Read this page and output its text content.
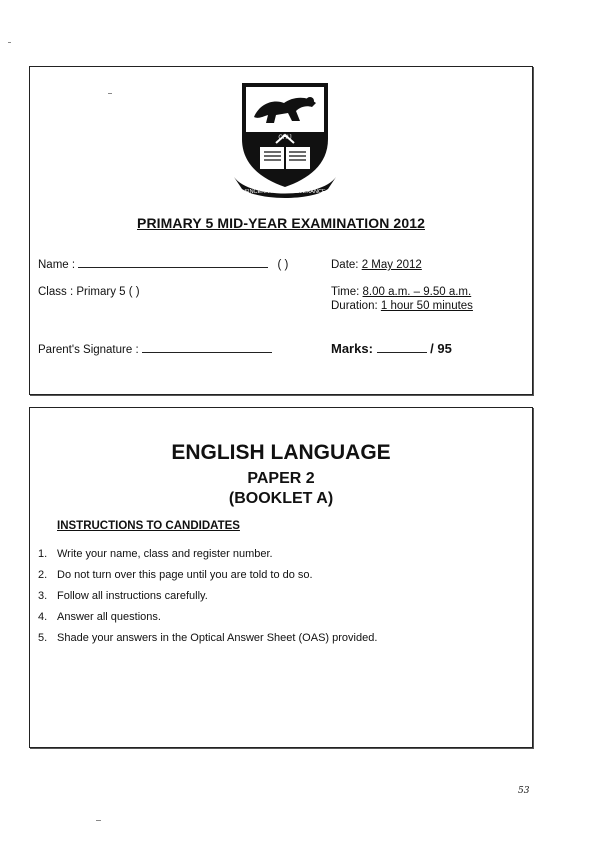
CHIJ
SINCERITY & PERSEVERANCE
PRIMARY 5 MID-YEAR EXAMINATION 2012
Name :	( )	Date: 2 May 2012
Class : Primary 5 ( )	Time: 8.00 a.m. – 9.50 a.m.
Duration: 1 hour 50 minutes
Parent's Signature :	Marks:	/ 95
ENGLISH LANGUAGE
PAPER 2
(BOOKLET A)
INSTRUCTIONS TO CANDIDATES
1. Write your name, class and register number.
2. Do not turn over this page until you are told to do so.
3. Follow all instructions carefully.
4. Answer all questions.
5. Shade your answers in the Optical Answer Sheet (OAS) provided.
53
